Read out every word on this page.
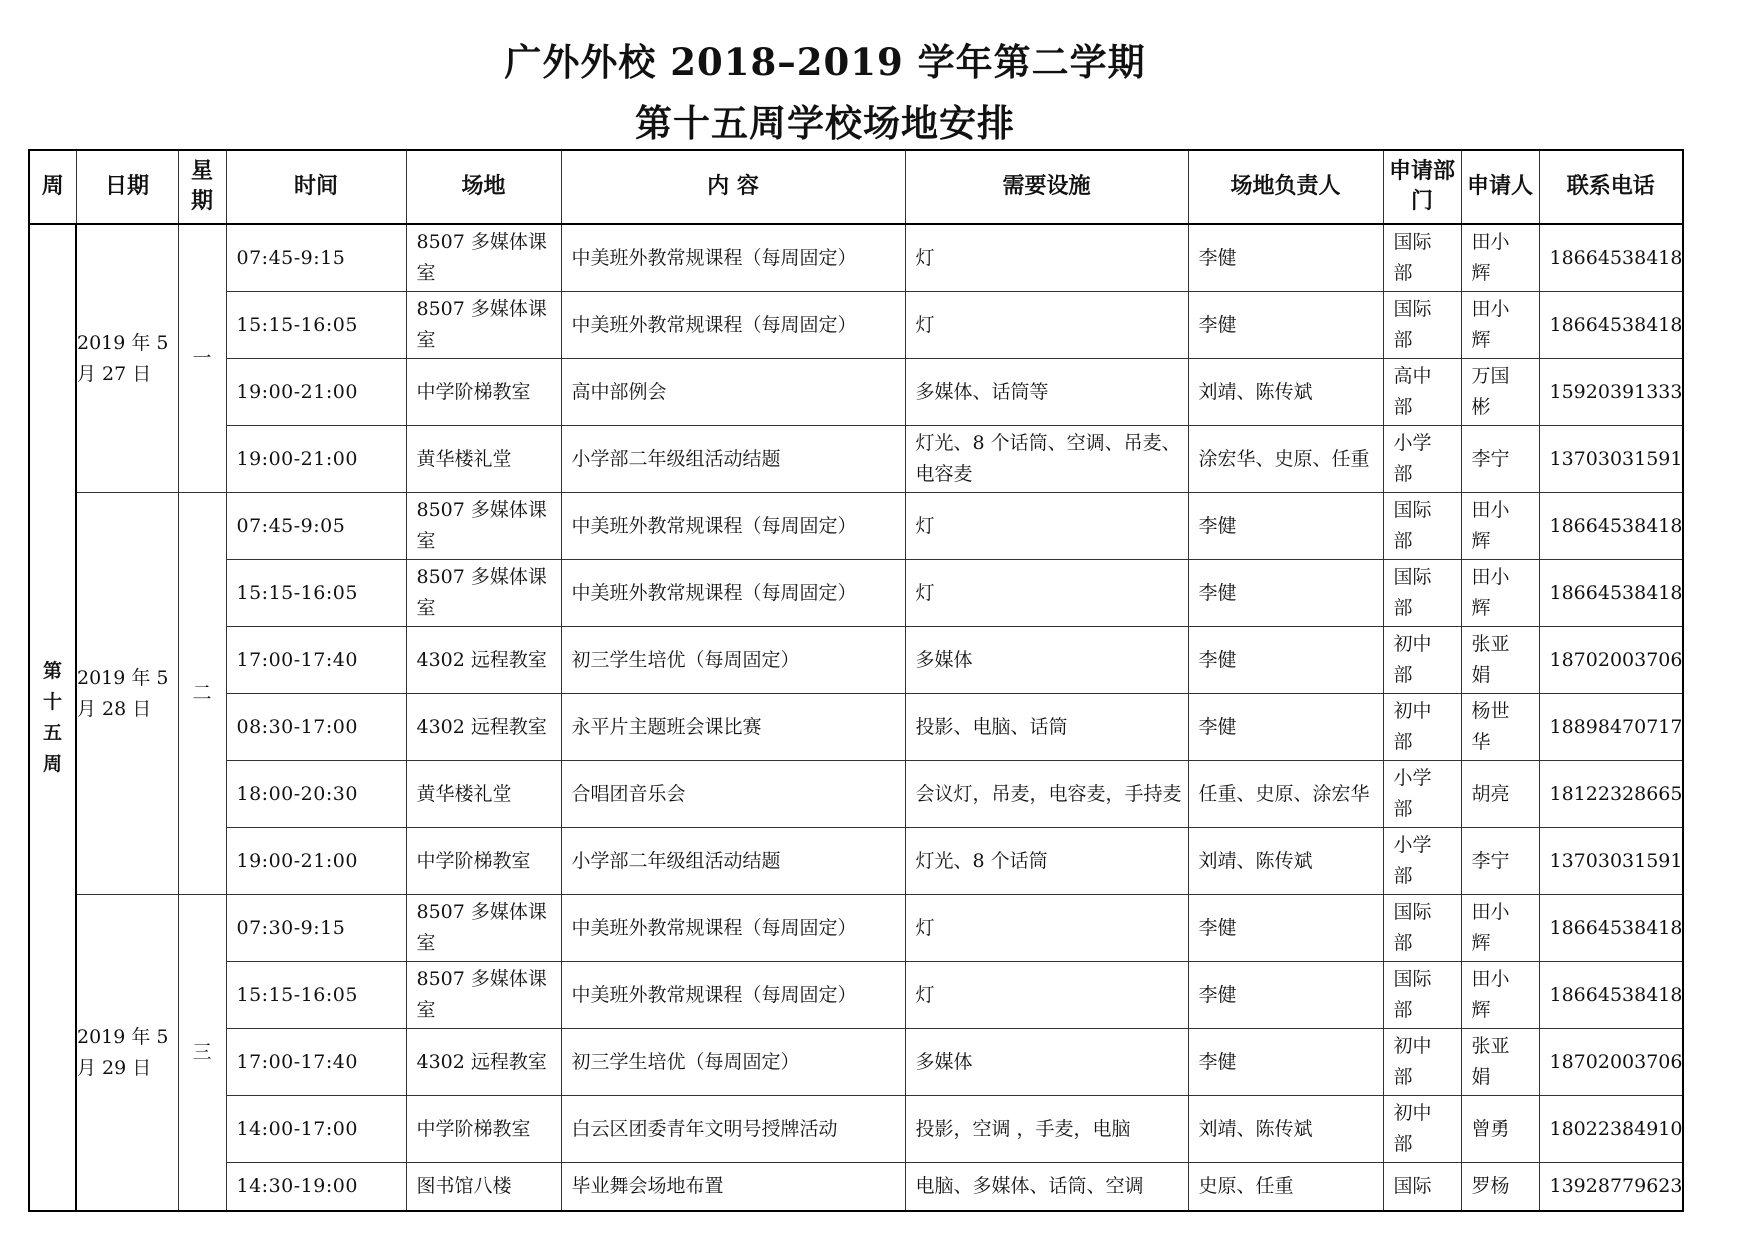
广外外校 2018–2019 学年第二学期
第十五周学校场地安排
周	日期	星期	时间	场地	内 容	需要设施	场地负责人	申请部门	申请人	联系电话
第十五周	2019 年 5 月 27 日	一	07:45-9:15	8507 多媒体课室	中美班外教常规课程（每周固定）	灯	李健	国际部	田小辉	18664538418
			15:15-16:05	8507 多媒体课室	中美班外教常规课程（每周固定）	灯	李健	国际部	田小辉	18664538418
			19:00-21:00	中学阶梯教室	高中部例会	多媒体、话筒等	刘靖、陈传斌	高中部	万国彬	15920391333
			19:00-21:00	黄华楼礼堂	小学部二年级组活动结题	灯光、8 个话筒、空调、吊麦、电容麦	涂宏华、史原、任重	小学部	李宁	13703031591
	2019 年 5 月 28 日	二	07:45-9:05	8507 多媒体课室	中美班外教常规课程（每周固定）	灯	李健	国际部	田小辉	18664538418
			15:15-16:05	8507 多媒体课室	中美班外教常规课程（每周固定）	灯	李健	国际部	田小辉	18664538418
			17:00-17:40	4302 远程教室	初三学生培优（每周固定）	多媒体	李健	初中部	张亚娟	18702003706
			08:30-17:00	4302 远程教室	永平片主题班会课比赛	投影、电脑、话筒	李健	初中部	杨世华	18898470717
			18:00-20:30	黄华楼礼堂	合唱团音乐会	会议灯，吊麦，电容麦，手持麦	任重、史原、涂宏华	小学部	胡亮	18122328665
			19:00-21:00	中学阶梯教室	小学部二年级组活动结题	灯光、8 个话筒	刘靖、陈传斌	小学部	李宁	13703031591
	2019 年 5 月 29 日	三	07:30-9:15	8507 多媒体课室	中美班外教常规课程（每周固定）	灯	李健	国际部	田小辉	18664538418
			15:15-16:05	8507 多媒体课室	中美班外教常规课程（每周固定）	灯	李健	国际部	田小辉	18664538418
			17:00-17:40	4302 远程教室	初三学生培优（每周固定）	多媒体	李健	初中部	张亚娟	18702003706
			14:00-17:00	中学阶梯教室	白云区团委青年文明号授牌活动	投影，空调 ，手麦，电脑	刘靖、陈传斌	初中部	曾勇	18022384910
			14:30-19:00	图书馆八楼	毕业舞会场地布置	电脑、多媒体、话筒、空调	史原、任重	国际	罗杨	13928779623
